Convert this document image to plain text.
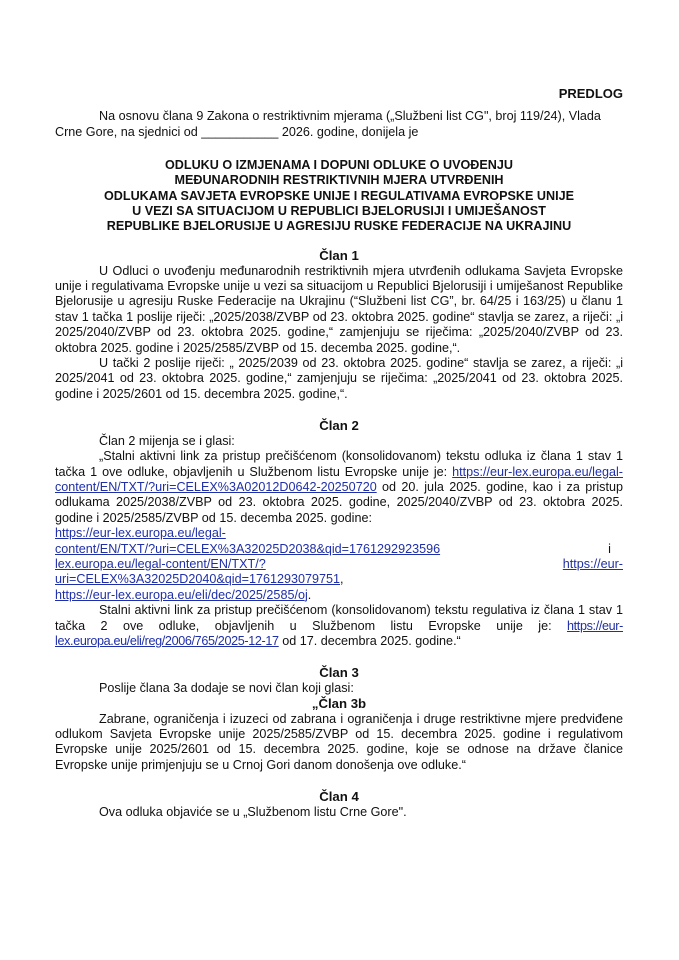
PREDLOG

Na osnovu člana 9 Zakona o restriktivnim mjerama („Službeni list CG", broj 119/24), Vlada

Crne Gore, na sjednici od ___________ 2026. godine, donijela je

ODLUKU O IZMJENAMA I DOPUNI ODLUKE O UVOĐENJU
MEĐUNARODNIH RESTRIKTIVNIH MJERA UTVRĐENIH
ODLUKAMA SAVJETA EVROPSKE UNIJE I REGULATIVAMA EVROPSKE UNIJE
U VEZI SA SITUACIJOM U REPUBLICI BJELORUSIJI I UMIJEŠANOST
REPUBLIKE BJELORUSIJE U AGRESIJU RUSKE FEDERACIJE NA UKRAJINU
Član 1

U Odluci o uvođenju međunarodnih restriktivnih mjera utvrđenih odlukama Savjeta Evropske unije i regulativama Evropske unije u vezi sa situacijom u Republici Bjelorusiji i umiješanost Republike Bjelorusije u agresiju Ruske Federacije na Ukrajinu (“Službeni list CG”, br. 64/25 i 163/25) u članu 1 stav 1 tačka 1 poslije riječi: „2025/2038/ZVBP od 23. oktobra 2025. godine“ stavlja se zarez, a riječi: „i 2025/2040/ZVBP od 23. oktobra 2025. godine,“ zamjenjuju se riječima: „2025/2040/ZVBP od 23. oktobra 2025. godine i 2025/2585/ZVBP od 15. decemba 2025. godine,“.

U tački 2 poslije riječi: „ 2025/2039 od 23. oktobra 2025. godine“ stavlja se zarez, a riječi: „i 2025/2041 od 23. oktobra 2025. godine,“ zamjenjuju se riječima: „2025/2041 od 23. oktobra 2025. godine i 2025/2601 od 15. decembra 2025. godine,“.

Član 2

Član 2 mijenja se i glasi:

„Stalni aktivni link za pristup prečišćenom (konsolidovanom) tekstu odluka iz člana 1 stav 1 tačka 1 ove odluke, objavljenih u Službenom listu Evropske unije je: https://eur-lex.europa.eu/legal-content/EN/TXT/?uri=CELEX%3A02012D0642-20250720 od 20. jula 2025. godine, kao i za pristup odlukama 2025/2038/ZVBP od 23. oktobra 2025. godine, 2025/2040/ZVBP od 23. oktobra 2025. godine i 2025/2585/ZVBP od 15. decemba 2025. godine:
https://eur-lex.europa.eu/legal-
content/EN/TXT/?uri=CELEX%3A32025D2038&qid=1761292923596	i
https://eur-

lex.europa.eu/legal-content/EN/TXT/?uri=CELEX%3A32025D2040&qid=1761293079751,
https://eur-lex.europa.eu/eli/dec/2025/2585/oj.

Stalni aktivni link za pristup prečišćenom (konsolidovanom) tekstu regulativa iz člana 1 stav 1 tačka 2 ove odluke, objavljenih u Službenom listu Evropske unije je: https://eur-lex.europa.eu/eli/reg/2006/765/2025-12-17 od 17. decembra 2025. godine.“

Član 3

Poslije člana 3a dodaje se novi član koji glasi:

„Član 3b

Zabrane, ograničenja i izuzeci od zabrana i ograničenja i druge restriktivne mjere predviđene odlukom Savjeta Evropske unije 2025/2585/ZVBP od 15. decembra 2025. godine i regulativom Evropske unije 2025/2601 od 15. decembra 2025. godine, koje se odnose na države članice Evropske unije primjenjuju se u Crnoj Gori danom donošenja ove odluke.“

Član 4

Ova odluka objaviće se u „Službenom listu Crne Gore".
